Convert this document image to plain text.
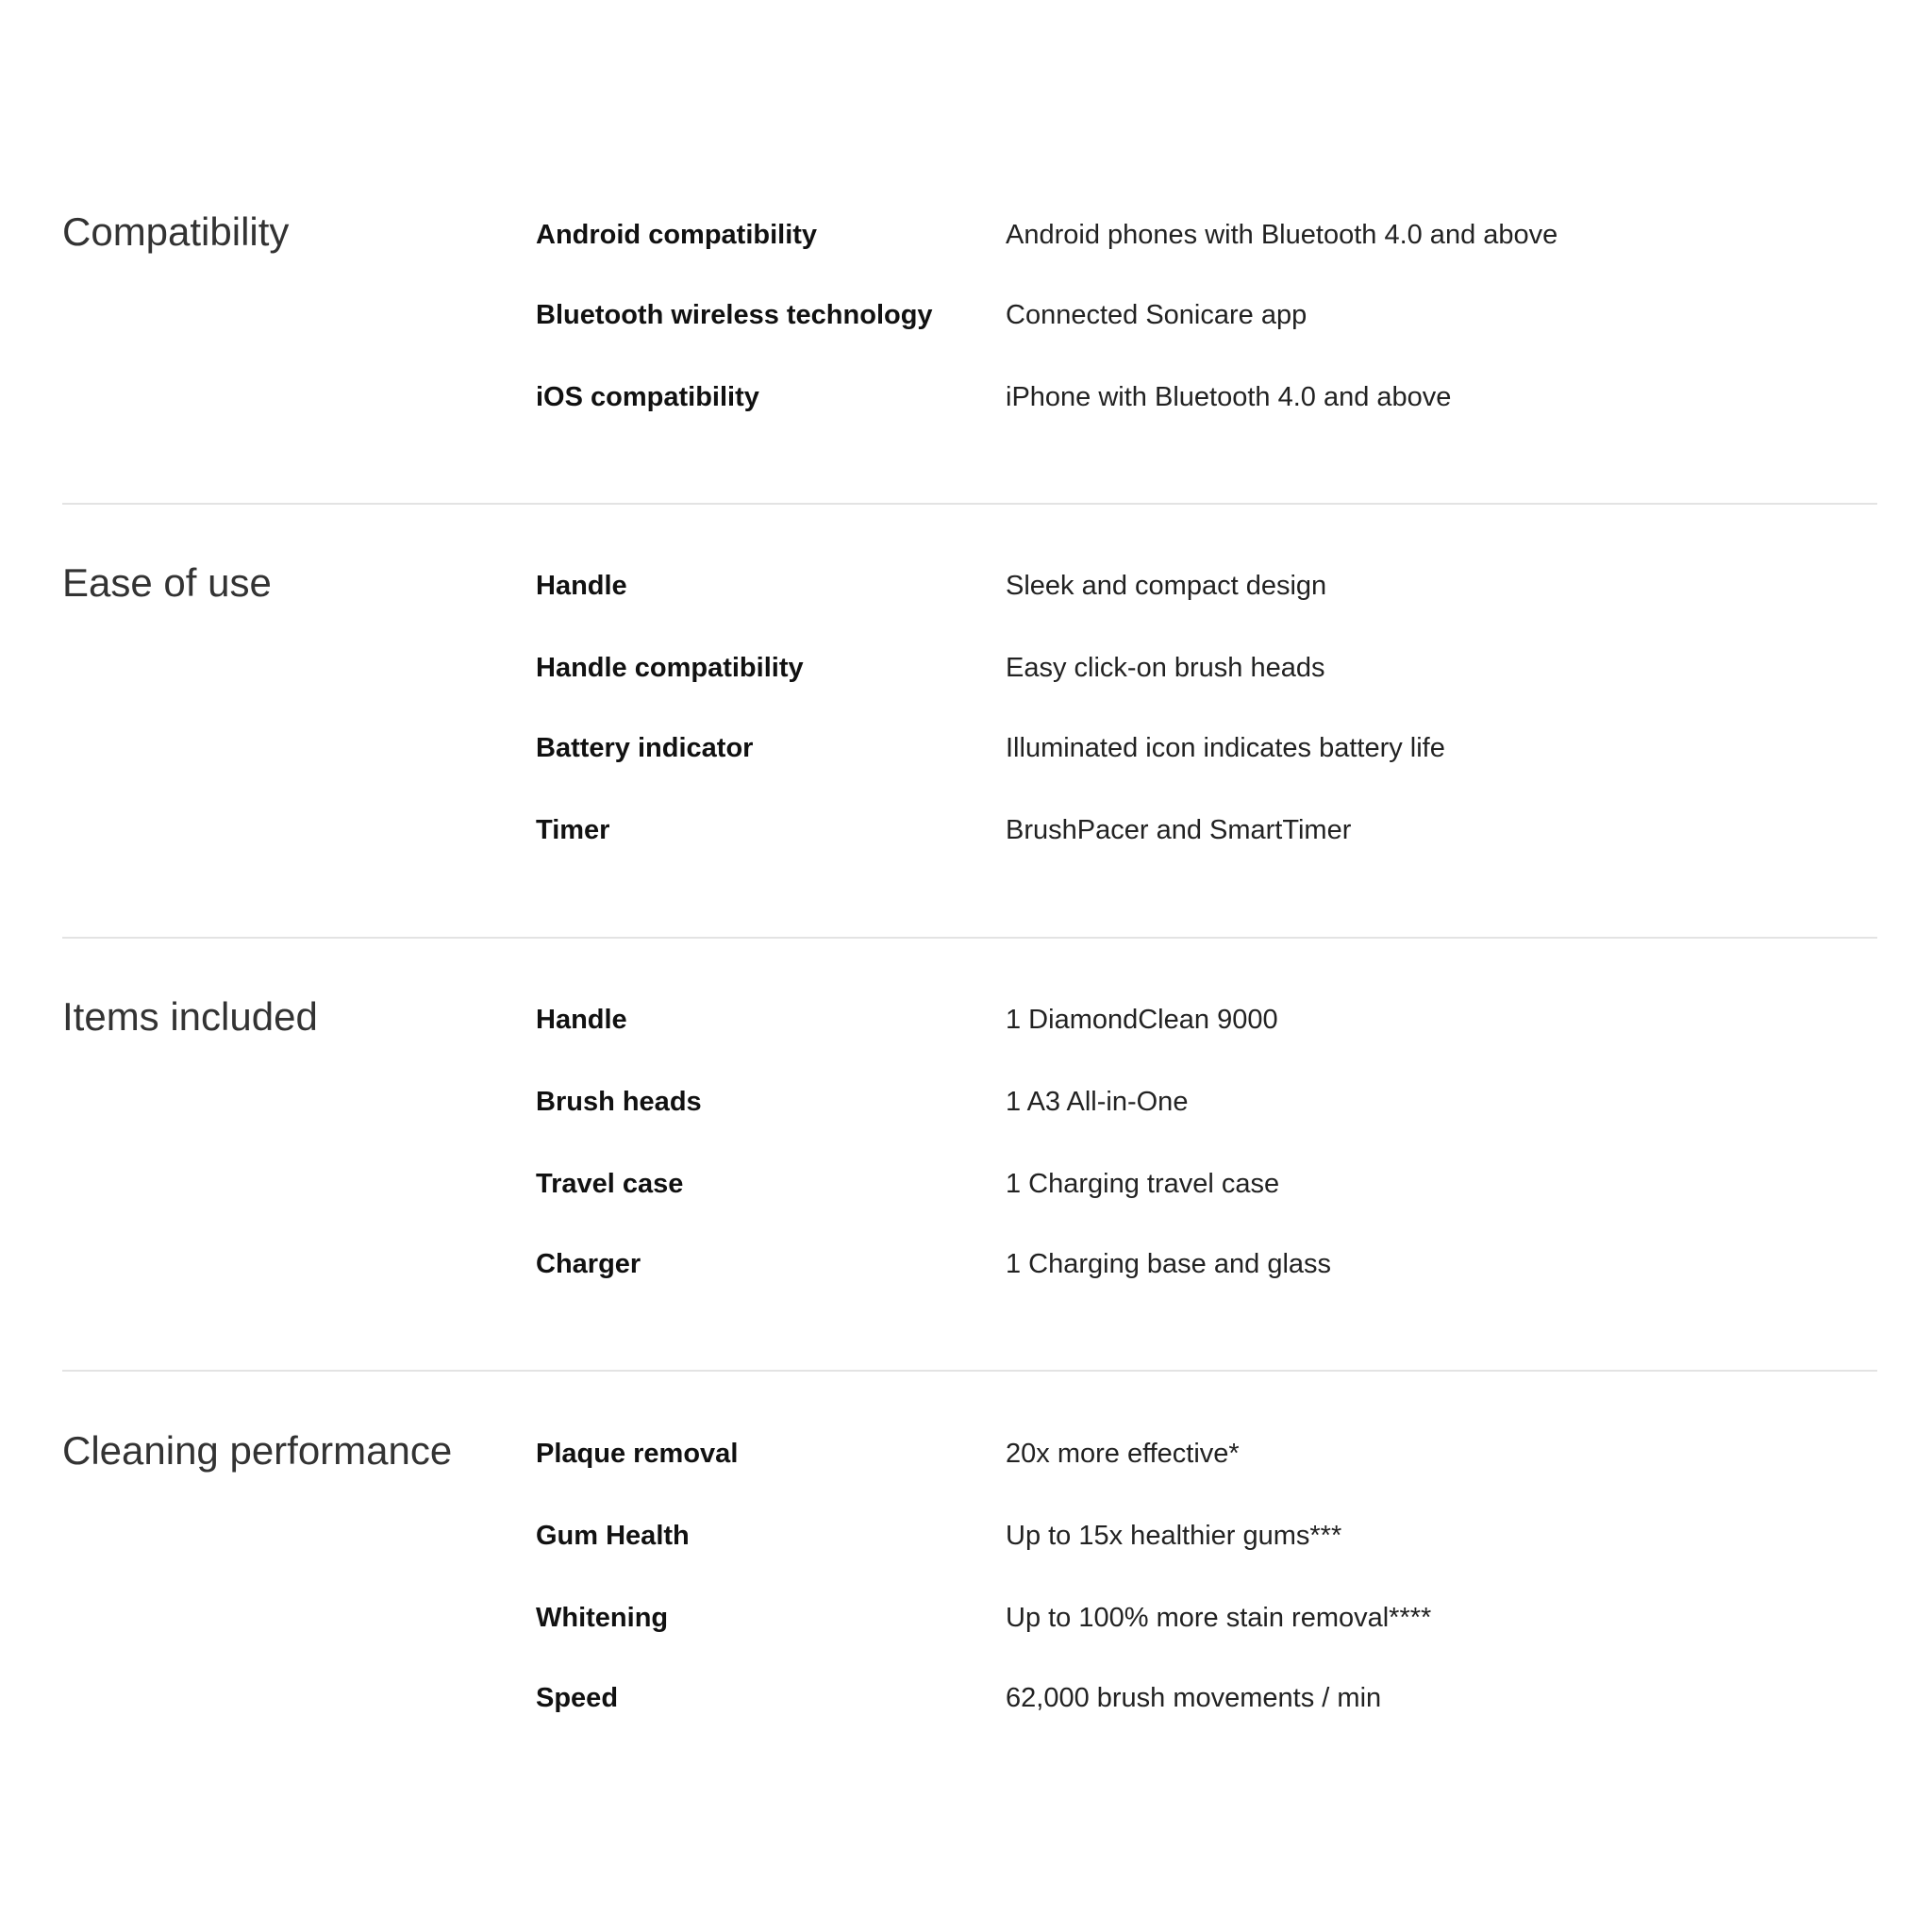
Compatibility	Android compatibility	Android phones with Bluetooth 4.0 and above
Bluetooth wireless technology	Connected Sonicare app
iOS compatibility	iPhone with Bluetooth 4.0 and above
Ease of use	Handle	Sleek and compact design
Handle compatibility	Easy click-on brush heads
Battery indicator	Illuminated icon indicates battery life
Timer	BrushPacer and SmartTimer
Items included	Handle	1 DiamondClean 9000
Brush heads	1 A3 All-in-One
Travel case	1 Charging travel case
Charger	1 Charging base and glass
Cleaning performance	Plaque removal	20x more effective*
Gum Health	Up to 15x healthier gums***
Whitening	Up to 100% more stain removal****
Speed	62,000 brush movements / min
